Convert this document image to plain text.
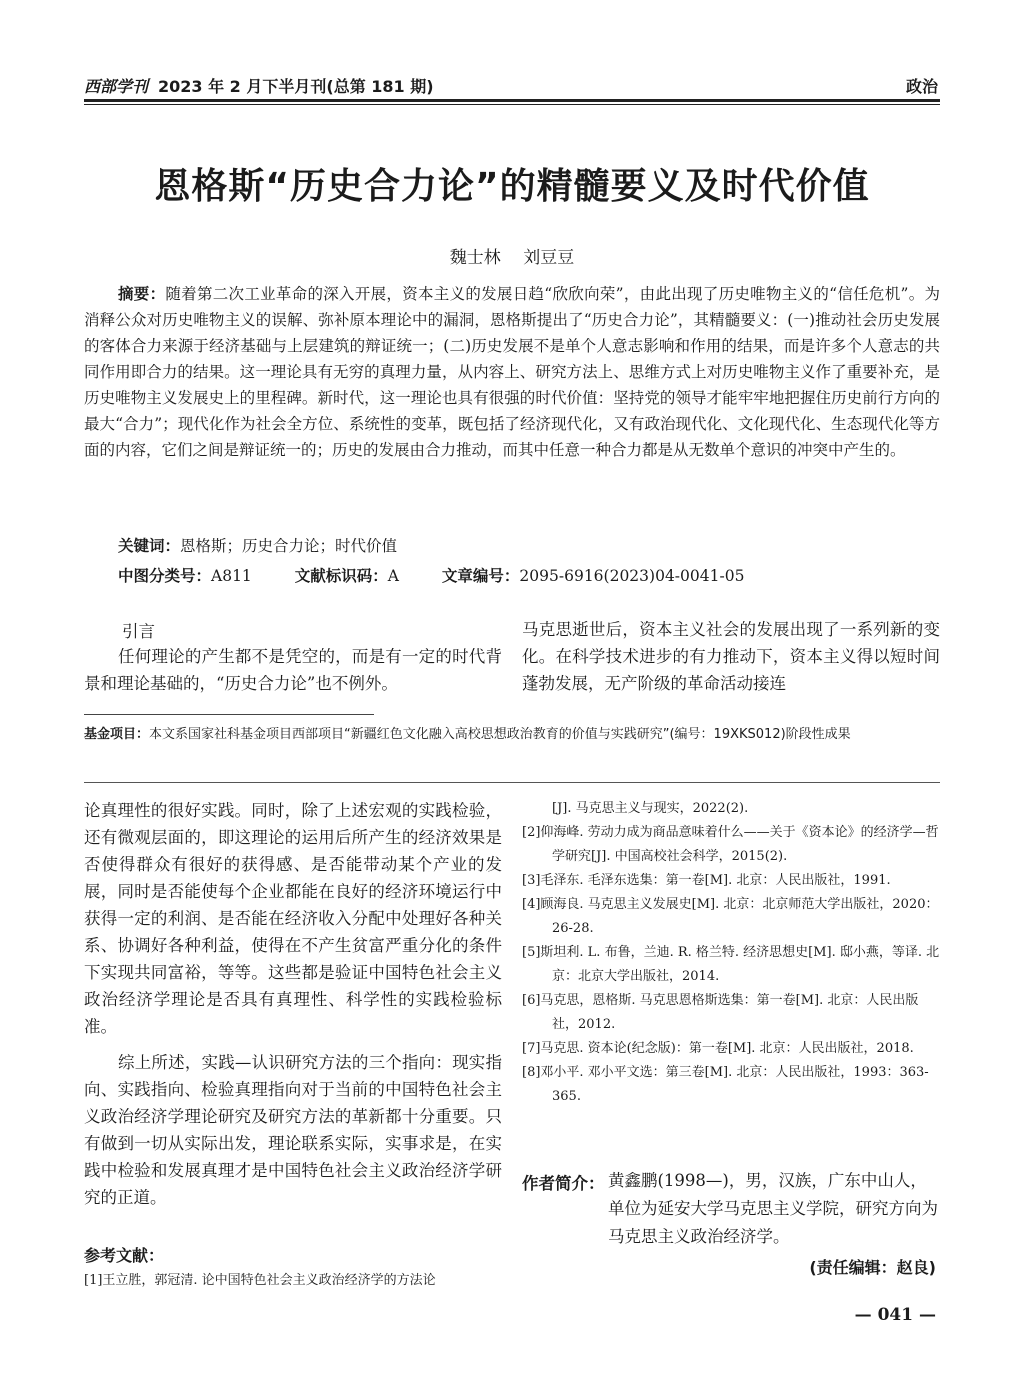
西部学刊 2023 年 2 月下半月刊(总第 181 期)	政治
恩格斯“历史合力论”的精髓要义及时代价值
魏士林　 刘豆豆

摘要：随着第二次工业革命的深入开展，资本主义的发展日趋“欣欣向荣”，由此出现了历史唯物主义的“信任危机”。为消释公众对历史唯物主义的误解、弥补原本理论中的漏洞，恩格斯提出了“历史合力论”，其精髓要义：(一)推动社会历史发展的客体合力来源于经济基础与上层建筑的辩证统一；(二)历史发展不是单个人意志影响和作用的结果，而是许多个人意志的共同作用即合力的结果。这一理论具有无穷的真理力量，从内容上、研究方法上、思维方式上对历史唯物主义作了重要补充，是历史唯物主义发展史上的里程碑。新时代，这一理论也具有很强的时代价值：坚持党的领导才能牢牢地把握住历史前行方向的最大“合力”；现代化作为社会全方位、系统性的变革，既包括了经济现代化，又有政治现代化、文化现代化、生态现代化等方面的内容，它们之间是辩证统一的；历史的发展由合力推动，而其中任意一种合力都是从无数单个意识的冲突中产生的。

关键词：恩格斯；历史合力论；时代价值
中图分类号：A811	文献标识码：A	文章编号：2095-6916(2023)04-0041-05
引言

任何理论的产生都不是凭空的，而是有一定的时代背景和理论基础的，“历史合力论”也不例外。

马克思逝世后，资本主义社会的发展出现了一系列新的变化。在科学技术进步的有力推动下，资本主义得以短时间蓬勃发展，无产阶级的革命活动接连

基金项目：本文系国家社科基金项目西部项目“新疆红色文化融入高校思想政治教育的价值与实践研究”(编号：19XKS012)阶段性成果

论真理性的很好实践。同时，除了上述宏观的实践检验，还有微观层面的，即这理论的运用后所产生的经济效果是否使得群众有很好的获得感、是否能带动某个产业的发展，同时是否能使每个企业都能在良好的经济环境运行中获得一定的利润、是否能在经济收入分配中处理好各种关系、协调好各种利益，使得在不产生贫富严重分化的条件下实现共同富裕，等等。这些都是验证中国特色社会主义政治经济学理论是否具有真理性、科学性的实践检验标准。

综上所述，实践—认识研究方法的三个指向：现实指向、实践指向、检验真理指向对于当前的中国特色社会主义政治经济学理论研究及研究方法的革新都十分重要。只有做到一切从实际出发，理论联系实际，实事求是，在实践中检验和发展真理才是中国特色社会主义政治经济学研究的正道。

参考文献：

[1]王立胜，郭冠清. 论中国特色社会主义政治经济学的方法论

[J]. 马克思主义与现实，2022(2).
[2]仰海峰. 劳动力成为商品意味着什么——关于《资本论》的经济学—哲学研究[J]. 中国高校社会科学，2015(2).
[3]毛泽东. 毛泽东选集：第一卷[M]. 北京：人民出版社，1991.
[4]顾海良. 马克思主义发展史[M]. 北京：北京师范大学出版社，2020：26-28.
[5]斯坦利. L. 布鲁，兰迪. R. 格兰特. 经济思想史[M]. 邸小燕，等译. 北京：北京大学出版社，2014.
[6]马克思，恩格斯. 马克思恩格斯选集：第一卷[M]. 北京：人民出版社，2012.
[7]马克思. 资本论(纪念版)：第一卷[M]. 北京：人民出版社，2018.
[8]邓小平. 邓小平文选：第三卷[M]. 北京：人民出版社，1993：363-365.
作者简介： 黄鑫鹏(1998—)，男，汉族，广东中山人，单位为延安大学马克思主义学院，研究方向为马克思主义政治经济学。

(责任编辑：赵良)
— 041 —
